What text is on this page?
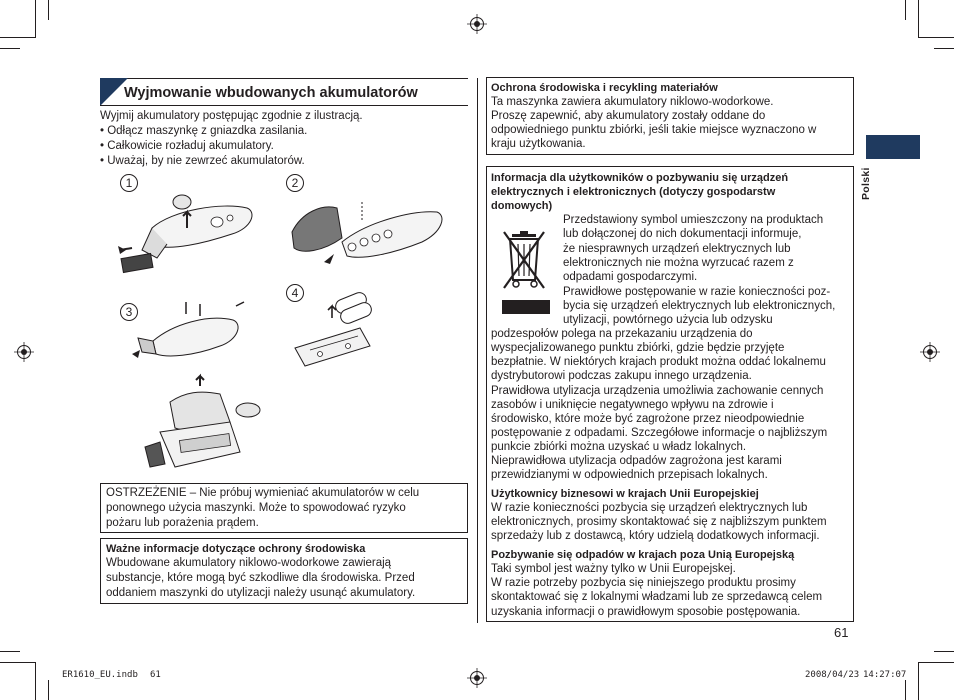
Wyjmowanie wbudowanych akumulatorów
Wyjmij akumulatory postępując zgodnie z ilustracją.
• Odłącz maszynkę z gniazdka zasilania.
• Całkowicie rozładuj akumulatory.
• Uważaj, by nie zewrzeć akumulatorów.
1	2
3
4
OSTRZEŻENIE – Nie próbuj wymieniać akumulatorów w celu
ponownego użycia maszynki. Może to spowodować ryzyko
pożaru lub porażenia prądem.
Ważne informacje dotyczące ochrony środowiska
Wbudowane akumulatory niklowo-wodorkowe zawierają
substancje, które mogą być szkodliwe dla środowiska. Przed
oddaniem maszynki do utylizacji należy usunąć akumulatory.
Ochrona środowiska i recykling materiałów
Ta maszynka zawiera akumulatory niklowo-wodorkowe.
Proszę zapewnić, aby akumulatory zostały oddane do
odpowiedniego punktu zbiórki, jeśli takie miejsce wyznaczono w
kraju użytkowania.
Informacja dla użytkowników o pozbywaniu się urządzeń
elektrycznych i elektronicznych (dotyczy gospodarstw
domowych)
Przedstawiony symbol umieszczony na produktach
lub dołączonej do nich dokumentacji informuje,
że niesprawnych urządzeń elektrycznych lub
elektronicznych nie można wyrzucać razem z
odpadami gospodarczymi.
Prawidłowe postępowanie w razie konieczności poz-
bycia się urządzeń elektrycznych lub elektronicznych,
utylizacji, powtórnego użycia lub odzysku
podzespołów polega na przekazaniu urządzenia do
wyspecjalizowanego punktu zbiórki, gdzie będzie przyjęte
bezpłatnie. W niektórych krajach produkt można oddać lokalnemu
dystrybutorowi podczas zakupu innego urządzenia.
Prawidłowa utylizacja urządzenia umożliwia zachowanie cennych
zasobów i uniknięcie negatywnego wpływu na zdrowie i
środowisko, które może być zagrożone przez nieodpowiednie
postępowanie z odpadami. Szczegółowe informacje o najbliższym
punkcie zbiórki można uzyskać u władz lokalnych.
Nieprawidłowa utylizacja odpadów zagrożona jest karami
przewidzianymi w odpowiednich przepisach lokalnych.
Użytkownicy biznesowi w krajach Unii Europejskiej
W razie konieczności pozbycia się urządzeń elektrycznych lub
elektronicznych, prosimy skontaktować się z najbliższym punktem
sprzedaży lub z dostawcą, który udzielą dodatkowych informacji.
Pozbywanie się odpadów w krajach poza Unią Europejską
Taki symbol jest ważny tylko w Unii Europejskej.
W razie potrzeby pozbycia się niniejszego produktu prosimy
skontaktować się z lokalnymi władzami lub ze sprzedawcą celem
uzyskania informacji o prawidłowym sposobie postępowania.
Polski
61
ER1610_EU.indb 61	2008/04/23 14:27:07
